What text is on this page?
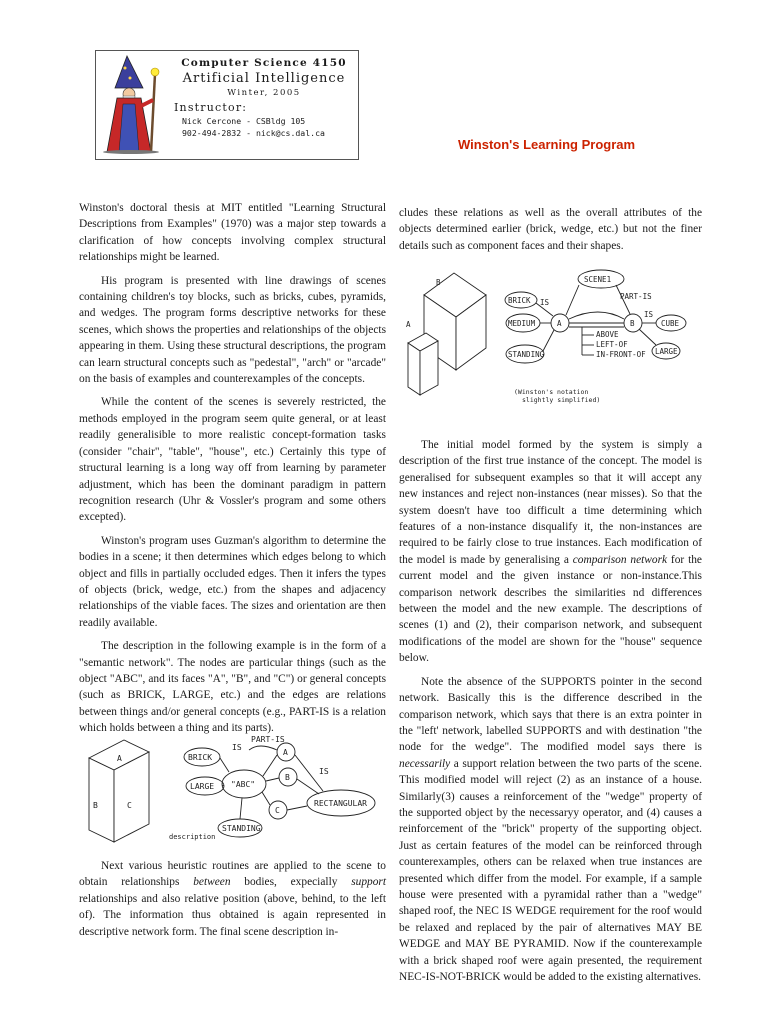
Computer Science 4150
Artificial Intelligence
Winter, 2005
Instructor:
Nick Cercone - CSBldg 105
902-494-2832 - nick@cs.dal.ca
Winston's Learning Program

Winston's doctoral thesis at MIT entitled "Learning Structural Descriptions from Examples" (1970) was a major step towards a clarification of how concepts involving complex structural relationships might be learned.

His program is presented with line drawings of scenes containing children's toy blocks, such as bricks, cubes, pyramids, and wedges. The program forms descriptive networks for these scenes, which shows the properties and relationships of the objects appearing in them. Using these structural descriptions, the program can learn structural concepts such as "pedestal", "arch" or "arcade" on the basis of examples and counterexamples of the concepts.

While the content of the scenes is severely restricted, the methods employed in the program seem quite general, or at least readily generalisible to more realistic concept-formation tasks (consider "chair", "table", "house", etc.) Certainly this type of structural learning is a long way off from learning by parameter adjustment, which has been the dominant paradigm in pattern recognition research (Uhr & Vossler's program and some others excepted).

Winston's program uses Guzman's algorithm to determine the bodies in a scene; it then determines which edges belong to which object and fills in partially occluded edges. Then it infers the types of objects (brick, wedge, etc.) from the shapes and adjacency relationships of the viable faces. The sizes and orientation are then readily available.

The description in the following example is in the form of a "semantic network". The nodes are particular things (such as the object "ABC", and its faces "A", "B", and "C") or general concepts (such as BRICK, LARGE, etc.) and the edges are relations between things and/or general concepts (e.g., PART-IS is a relation which holds between a thing and its parts).

A
B	C
BRICK
LARGE "ABC"
STANDING
A
B
C
RECTANGULAR
PART-IS
IS
IS
description

Next various heuristic routines are applied to the scene to obtain relationships between bodies, expecially support relationships and also relative position (above, behind, to the left of). The information thus obtained is again represented in descriptive network form. The final scene description in-

cludes these relations as well as the overall attributes of the objects determined earlier (brick, wedge, etc.) but not the finer details such as component faces and their shapes.

A
B	SCENE1
BRICK
MEDIUM
STANDING
A	B	CUBE
LARGE
IS
PART-IS
IS
ABOVE
LEFT-OF
IN-FRONT-OF
(Winston's notation
slightly simplified)

The initial model formed by the system is simply a description of the first true instance of the concept. The model is generalised for subsequent examples so that it will accept any new instances and reject non-instances (near misses). So that the system doesn't have too difficult a time determining which features of a non-instance disqualify it, the non-instances are required to be fairly close to true instances. Each modification of the model is made by generalising a comparison network for the current model and the given instance or non-instance.This comparison network describes the similarities nd differences between the model and the new example. The descriptions of scenes (1) and (2), their comparison network, and subsequent modifications of the model are shown for the "house" sequence below.

Note the absence of the SUPPORTS pointer in the second network. Basically this is the difference described in the comparison network, which says that there is an extra pointer in the "left' network, labelled SUPPORTS and with destination "the node for the wedge". The modified model says there is necessarily a support relation between the two parts of the scene. This modified model will reject (2) as an instance of a house. Similarly(3) causes a reinforcement of the "wedge" property of the supported object by the necessaryy operator, and (4) causes a reinforcement of the "brick" property of the supporting object. Just as certain features of the model can be reinforced through counterexamples, others can be relaxed when true instances are presented which differ from the model. For example, if a sample house were presented with a pyramidal rather than a "wedge" shaped roof, the NEC IS WEDGE requirement for the roof would be relaxed and replaced by the pair of alternatives MAY BE WEDGE and MAY BE PYRAMID. Now if the counterexample with a brick shaped roof were again presented, the requirement NEC-IS-NOT-BRICK would be added to the existing alternatives.
